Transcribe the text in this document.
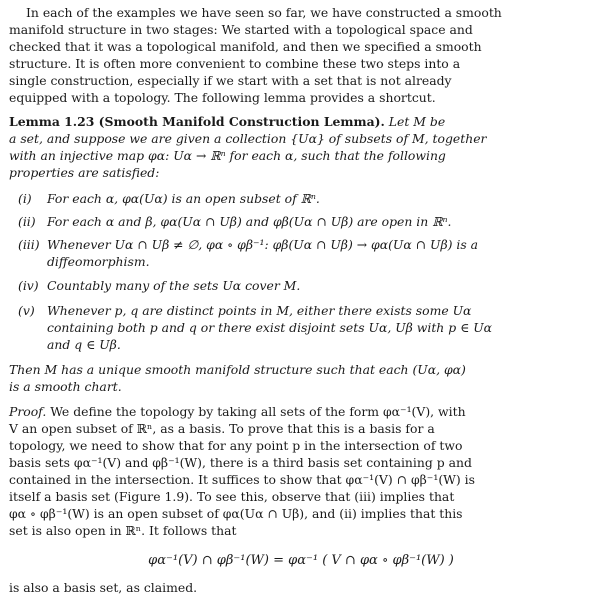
In each of the examples we have seen so far, we have constructed a smooth
manifold structure in two stages: We started with a topological space and
checked that it was a topological manifold, and then we specified a smooth
structure. It is often more convenient to combine these two steps into a
single construction, especially if we start with a set that is not already
equipped with a topology. The following lemma provides a shortcut.
Lemma 1.23 (Smooth Manifold Construction Lemma). Let M be
a set, and suppose we are given a collection {Uα} of subsets of M, together
with an injective map φα: Uα → ℝⁿ for each α, such that the following
properties are satisfied:
(i) For each α, φα(Uα) is an open subset of ℝⁿ.
(ii) For each α and β, φα(Uα ∩ Uβ) and φβ(Uα ∩ Uβ) are open in ℝⁿ.
(iii) Whenever Uα ∩ Uβ ≠ ∅, φα ∘ φβ⁻¹: φβ(Uα ∩ Uβ) → φα(Uα ∩ Uβ) is a
diffeomorphism.
(iv) Countably many of the sets Uα cover M.
(v) Whenever p, q are distinct points in M, either there exists some Uα
containing both p and q or there exist disjoint sets Uα, Uβ with p ∈ Uα
and q ∈ Uβ.
Then M has a unique smooth manifold structure such that each (Uα, φα)
is a smooth chart.
Proof. We define the topology by taking all sets of the form φα⁻¹(V), with
V an open subset of ℝⁿ, as a basis. To prove that this is a basis for a
topology, we need to show that for any point p in the intersection of two
basis sets φα⁻¹(V) and φβ⁻¹(W), there is a third basis set containing p and
contained in the intersection. It suffices to show that φα⁻¹(V) ∩ φβ⁻¹(W) is
itself a basis set (Figure 1.9). To see this, observe that (iii) implies that
φα ∘ φβ⁻¹(W) is an open subset of φα(Uα ∩ Uβ), and (ii) implies that this
set is also open in ℝⁿ. It follows that
φα⁻¹(V) ∩ φβ⁻¹(W) = φα⁻¹ ( V ∩ φα ∘ φβ⁻¹(W) )
is also a basis set, as claimed.
